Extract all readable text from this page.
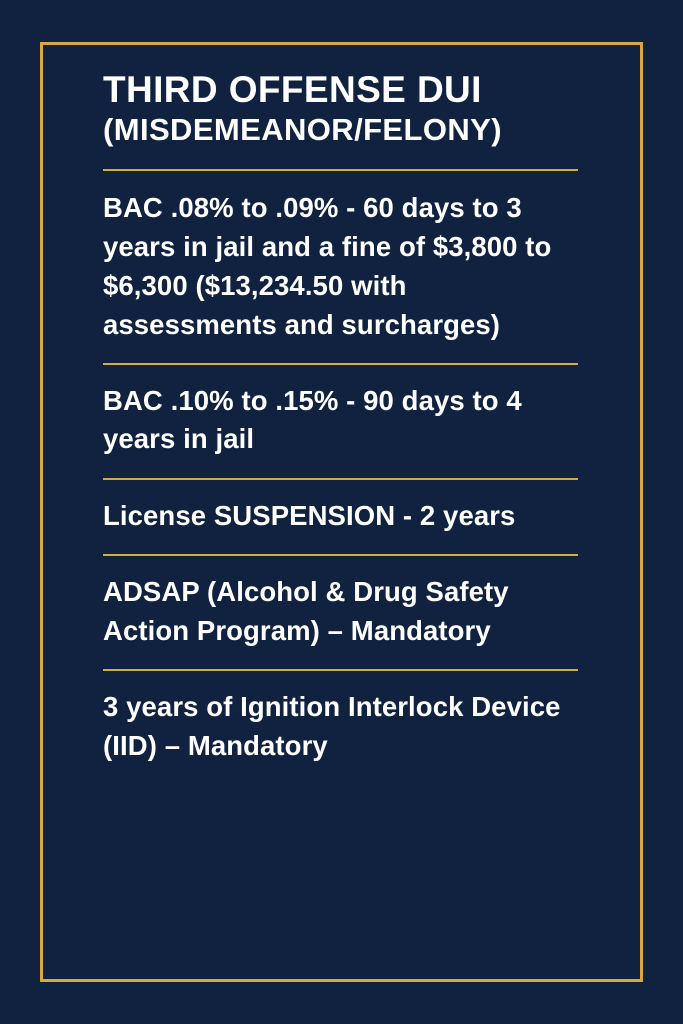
THIRD OFFENSE DUI
(MISDEMEANOR/FELONY)
BAC .08% to .09% - 60 days to 3 years in jail and a fine of $3,800 to $6,300 ($13,234.50 with assessments and surcharges)
BAC .10% to .15% - 90 days to 4 years in jail
License SUSPENSION - 2 years
ADSAP (Alcohol & Drug Safety Action Program) – Mandatory
3 years of Ignition Interlock Device (IID) – Mandatory
